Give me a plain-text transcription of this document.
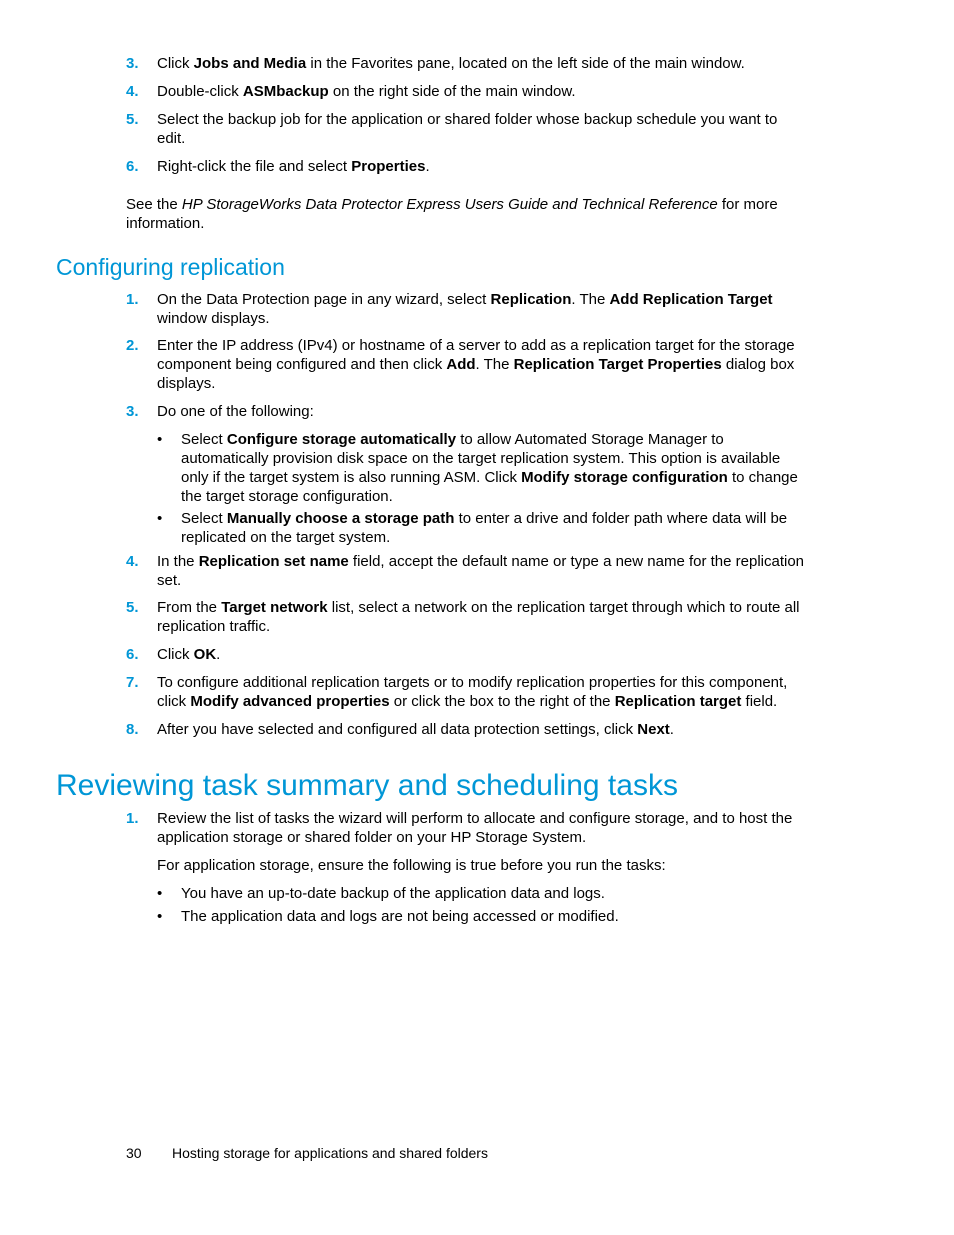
3. Click Jobs and Media in the Favorites pane, located on the left side of the main window.
4. Double-click ASMbackup on the right side of the main window.
5. Select the backup job for the application or shared folder whose backup schedule you want to edit.
6. Right-click the file and select Properties.
See the HP StorageWorks Data Protector Express Users Guide and Technical Reference for more information.
Configuring replication
1. On the Data Protection page in any wizard, select Replication. The Add Replication Target window displays.
2. Enter the IP address (IPv4) or hostname of a server to add as a replication target for the storage component being configured and then click Add. The Replication Target Properties dialog box displays.
3. Do one of the following:
• Select Configure storage automatically to allow Automated Storage Manager to automatically provision disk space on the target replication system. This option is available only if the target system is also running ASM. Click Modify storage configuration to change the target storage configuration.
• Select Manually choose a storage path to enter a drive and folder path where data will be replicated on the target system.
4. In the Replication set name field, accept the default name or type a new name for the replication set.
5. From the Target network list, select a network on the replication target through which to route all replication traffic.
6. Click OK.
7. To configure additional replication targets or to modify replication properties for this component, click Modify advanced properties or click the box to the right of the Replication target field.
8. After you have selected and configured all data protection settings, click Next.
Reviewing task summary and scheduling tasks
1. Review the list of tasks the wizard will perform to allocate and configure storage, and to host the application storage or shared folder on your HP Storage System.
For application storage, ensure the following is true before you run the tasks:
• You have an up-to-date backup of the application data and logs.
• The application data and logs are not being accessed or modified.
30 Hosting storage for applications and shared folders
